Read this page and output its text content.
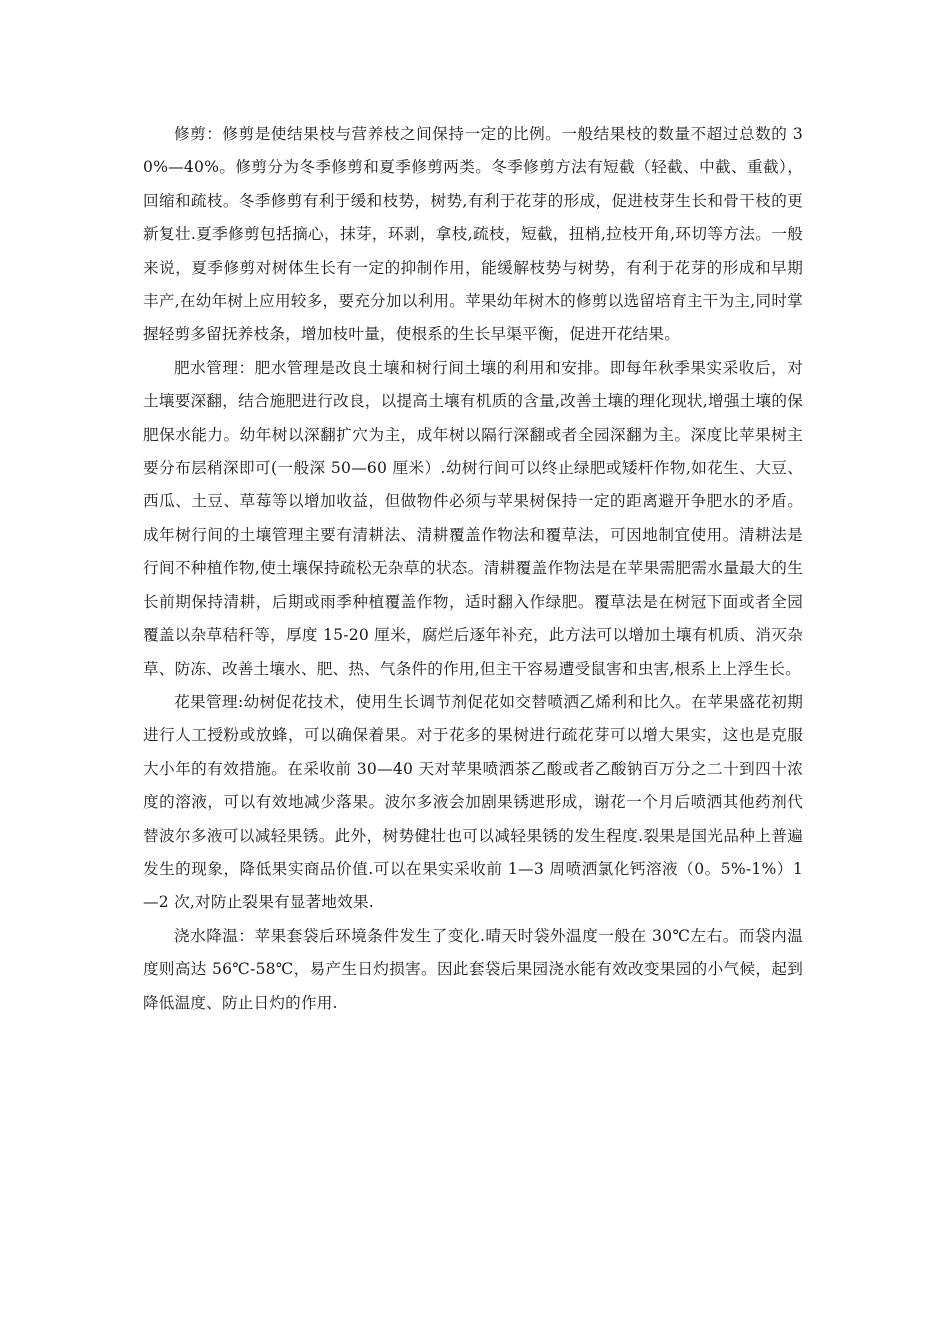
修剪：修剪是使结果枝与营养枝之间保持一定的比例。一般结果枝的数量不超过总数的 30%—40%。修剪分为冬季修剪和夏季修剪两类。冬季修剪方法有短截（轻截、中截、重截），回缩和疏枝。冬季修剪有利于缓和枝势，树势,有利于花芽的形成，促进枝芽生长和骨干枝的更新复壮.夏季修剪包括摘心，抹芽，环剥，拿枝,疏枝，短截，扭梢,拉枝开角,环切等方法。一般来说，夏季修剪对树体生长有一定的抑制作用，能缓解枝势与树势，有利于花芽的形成和早期丰产,在幼年树上应用较多，要充分加以利用。苹果幼年树木的修剪以选留培育主干为主,同时掌握轻剪多留抚养枝条，增加枝叶量，使根系的生长早渠平衡，促进开花结果。

肥水管理：肥水管理是改良土壤和树行间土壤的利用和安排。即每年秋季果实采收后，对土壤要深翻，结合施肥进行改良，以提高土壤有机质的含量,改善土壤的理化现状,增强土壤的保肥保水能力。幼年树以深翻扩穴为主，成年树以隔行深翻或者全园深翻为主。深度比苹果树主要分布层稍深即可(一般深 50—60 厘米）.幼树行间可以终止绿肥或矮杆作物,如花生、大豆、西瓜、土豆、草莓等以增加收益，但做物件必须与苹果树保持一定的距离避开争肥水的矛盾。成年树行间的土壤管理主要有清耕法、清耕覆盖作物法和覆草法，可因地制宜使用。清耕法是行间不种植作物,使土壤保持疏松无杂草的状态。清耕覆盖作物法是在苹果需肥需水量最大的生长前期保持清耕，后期或雨季种植覆盖作物，适时翻入作绿肥。覆草法是在树冠下面或者全园覆盖以杂草秸秆等，厚度 15-20 厘米，腐烂后逐年补充，此方法可以增加土壤有机质、消灭杂草、防冻、改善土壤水、肥、热、气条件的作用,但主干容易遭受鼠害和虫害,根系上上浮生长。

花果管理:幼树促花技术，使用生长调节剂促花如交替喷洒乙烯利和比久。在苹果盛花初期进行人工授粉或放蜂，可以确保着果。对于花多的果树进行疏花芽可以增大果实，这也是克服大小年的有效措施。在采收前 30—40 天对苹果喷洒茶乙酸或者乙酸钠百万分之二十到四十浓度的溶液，可以有效地减少落果。波尔多液会加剧果锈迣形成，谢花一个月后喷洒其他药剂代替波尔多液可以减轻果锈。此外，树势健壮也可以减轻果锈的发生程度.裂果是国光品种上普遍发生的现象，降低果实商品价值.可以在果实采收前 1—3 周喷洒氯化钙溶液（0。5%-1%）1—2 次,对防止裂果有显著地效果.

浇水降温：苹果套袋后环境条件发生了变化.晴天时袋外温度一般在 30℃左右。而袋内温度则高达 56℃-58℃，易产生日灼损害。因此套袋后果园浇水能有效改变果园的小气候，起到降低温度、防止日灼的作用.
